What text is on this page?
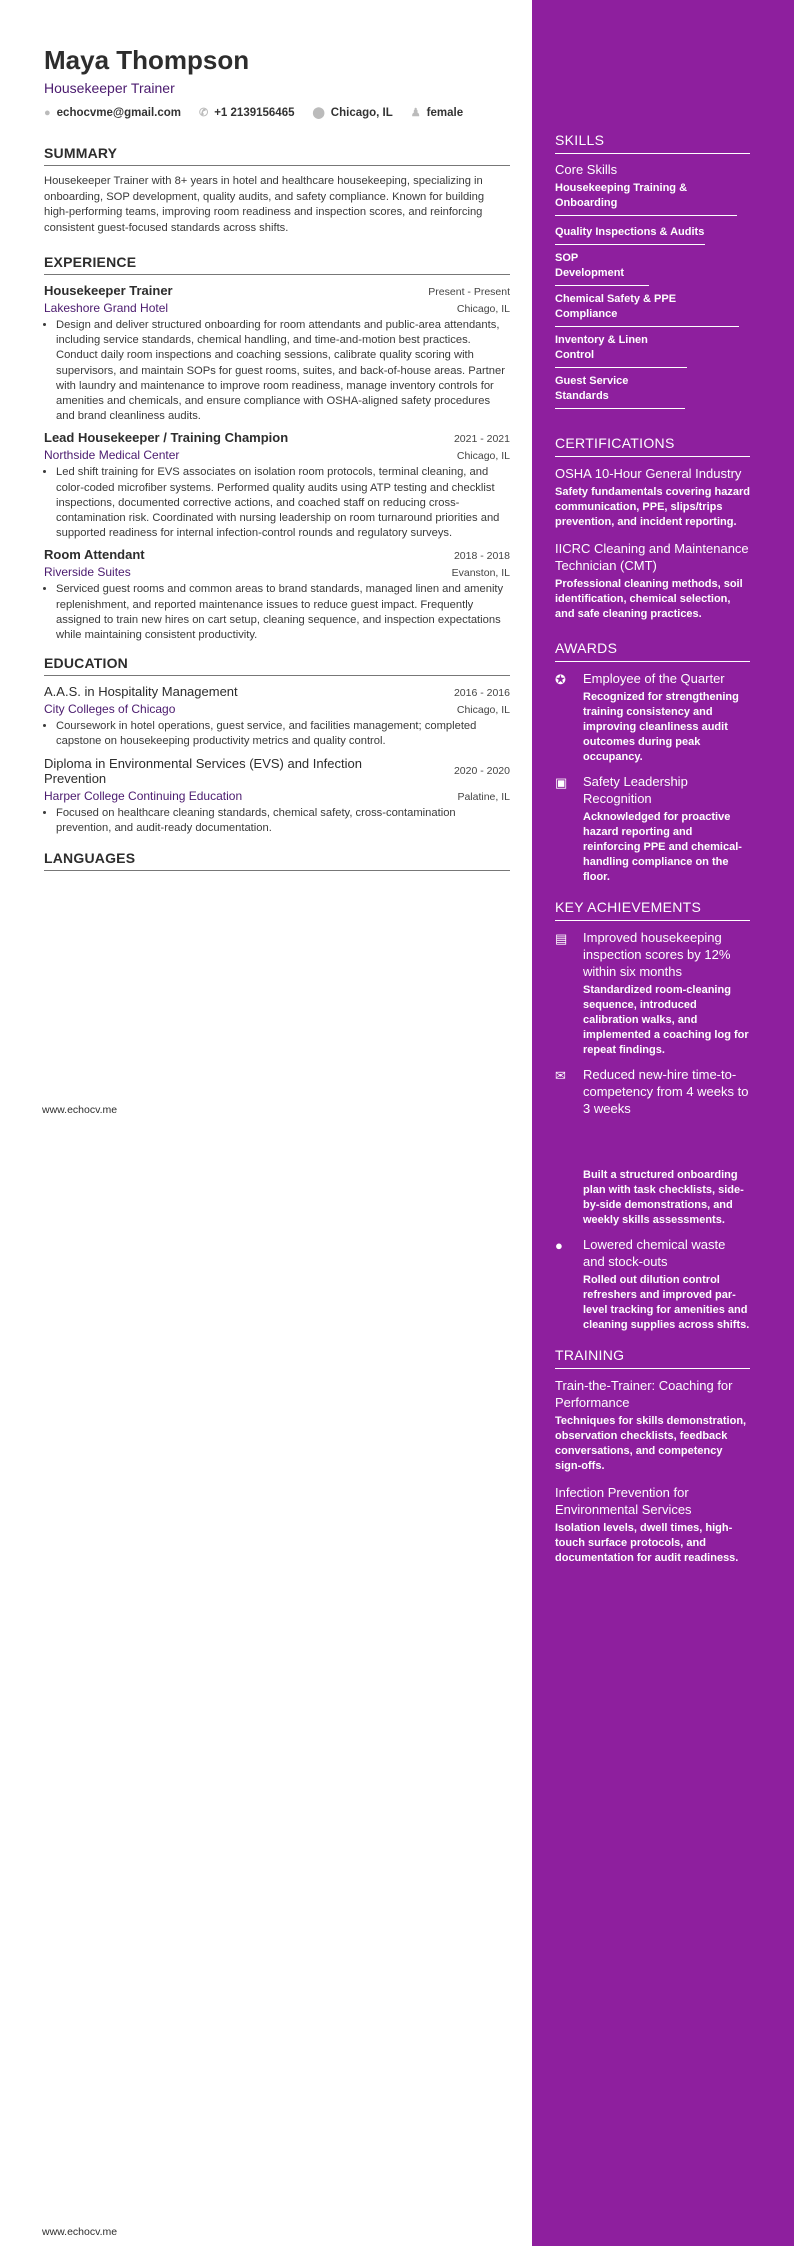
Maya Thompson
Housekeeper Trainer
● echocvme@gmail.com ✆ +1 2139156465 ⬤ Chicago, IL ♟ female
SUMMARY

Housekeeper Trainer with 8+ years in hotel and healthcare housekeeping, specializing in onboarding, SOP development, quality audits, and safety compliance. Known for building high-performing teams, improving room readiness and inspection scores, and reinforcing consistent guest-focused standards across shifts.

EXPERIENCE
Housekeeper Trainer	Present - Present
Lakeshore Grand Hotel	Chicago, IL
• Design and deliver structured onboarding for room attendants and public-area attendants, including service standards, chemical handling, and time-and-motion best practices. Conduct daily room inspections and coaching sessions, calibrate quality scoring with supervisors, and maintain SOPs for guest rooms, suites, and back-of-house areas. Partner with laundry and maintenance to improve room readiness, manage inventory controls for amenities and chemicals, and ensure compliance with OSHA-aligned safety procedures and brand cleanliness audits.
Lead Housekeeper / Training Champion	2021 - 2021
Northside Medical Center	Chicago, IL
• Led shift training for EVS associates on isolation room protocols, terminal cleaning, and color-coded microfiber systems. Performed quality audits using ATP testing and checklist inspections, documented corrective actions, and coached staff on reducing cross-contamination risk. Coordinated with nursing leadership on room turnaround priorities and supported readiness for internal infection-control rounds and regulatory surveys.
Room Attendant	2018 - 2018
Riverside Suites	Evanston, IL
• Serviced guest rooms and common areas to brand standards, managed linen and amenity replenishment, and reported maintenance issues to reduce guest impact. Frequently assigned to train new hires on cart setup, cleaning sequence, and inspection expectations while maintaining consistent productivity.
EDUCATION
A.A.S. in Hospitality Management	2016 - 2016
City Colleges of Chicago	Chicago, IL
• Coursework in hotel operations, guest service, and facilities management; completed capstone on housekeeping productivity metrics and quality control.
Diploma in Environmental Services (EVS) and Infection Prevention	2020 - 2020
Harper College Continuing Education	Palatine, IL
• Focused on healthcare cleaning standards, chemical safety, cross-contamination prevention, and audit-ready documentation.
LANGUAGES
www.echocv.me
www.echocv.me
SKILLS
Core Skills
Housekeeping Training & Onboarding
Quality Inspections & Audits
SOP Development
Chemical Safety & PPE Compliance
Inventory & Linen Control
Guest Service Standards
CERTIFICATIONS
OSHA 10-Hour General Industry
Safety fundamentals covering hazard communication, PPE, slips/trips prevention, and incident reporting.
IICRC Cleaning and Maintenance Technician (CMT)
Professional cleaning methods, soil identification, chemical selection, and safe cleaning practices.
AWARDS
✪	Employee of the Quarter
Recognized for strengthening training consistency and improving cleanliness audit outcomes during peak occupancy.
▣	Safety Leadership Recognition
Acknowledged for proactive hazard reporting and reinforcing PPE and chemical-handling compliance on the floor.
KEY ACHIEVEMENTS
▤	Improved housekeeping inspection scores by 12% within six months
Standardized room-cleaning sequence, introduced calibration walks, and implemented a coaching log for repeat findings.
✉	Reduced new-hire time-to-competency from 4 weeks to 3 weeks
Built a structured onboarding plan with task checklists, side-by-side demonstrations, and weekly skills assessments.
●	Lowered chemical waste and stock-outs
Rolled out dilution control refreshers and improved par-level tracking for amenities and cleaning supplies across shifts.
TRAINING
Train-the-Trainer: Coaching for Performance
Techniques for skills demonstration, observation checklists, feedback conversations, and competency sign-offs.
Infection Prevention for Environmental Services
Isolation levels, dwell times, high-touch surface protocols, and documentation for audit readiness.
